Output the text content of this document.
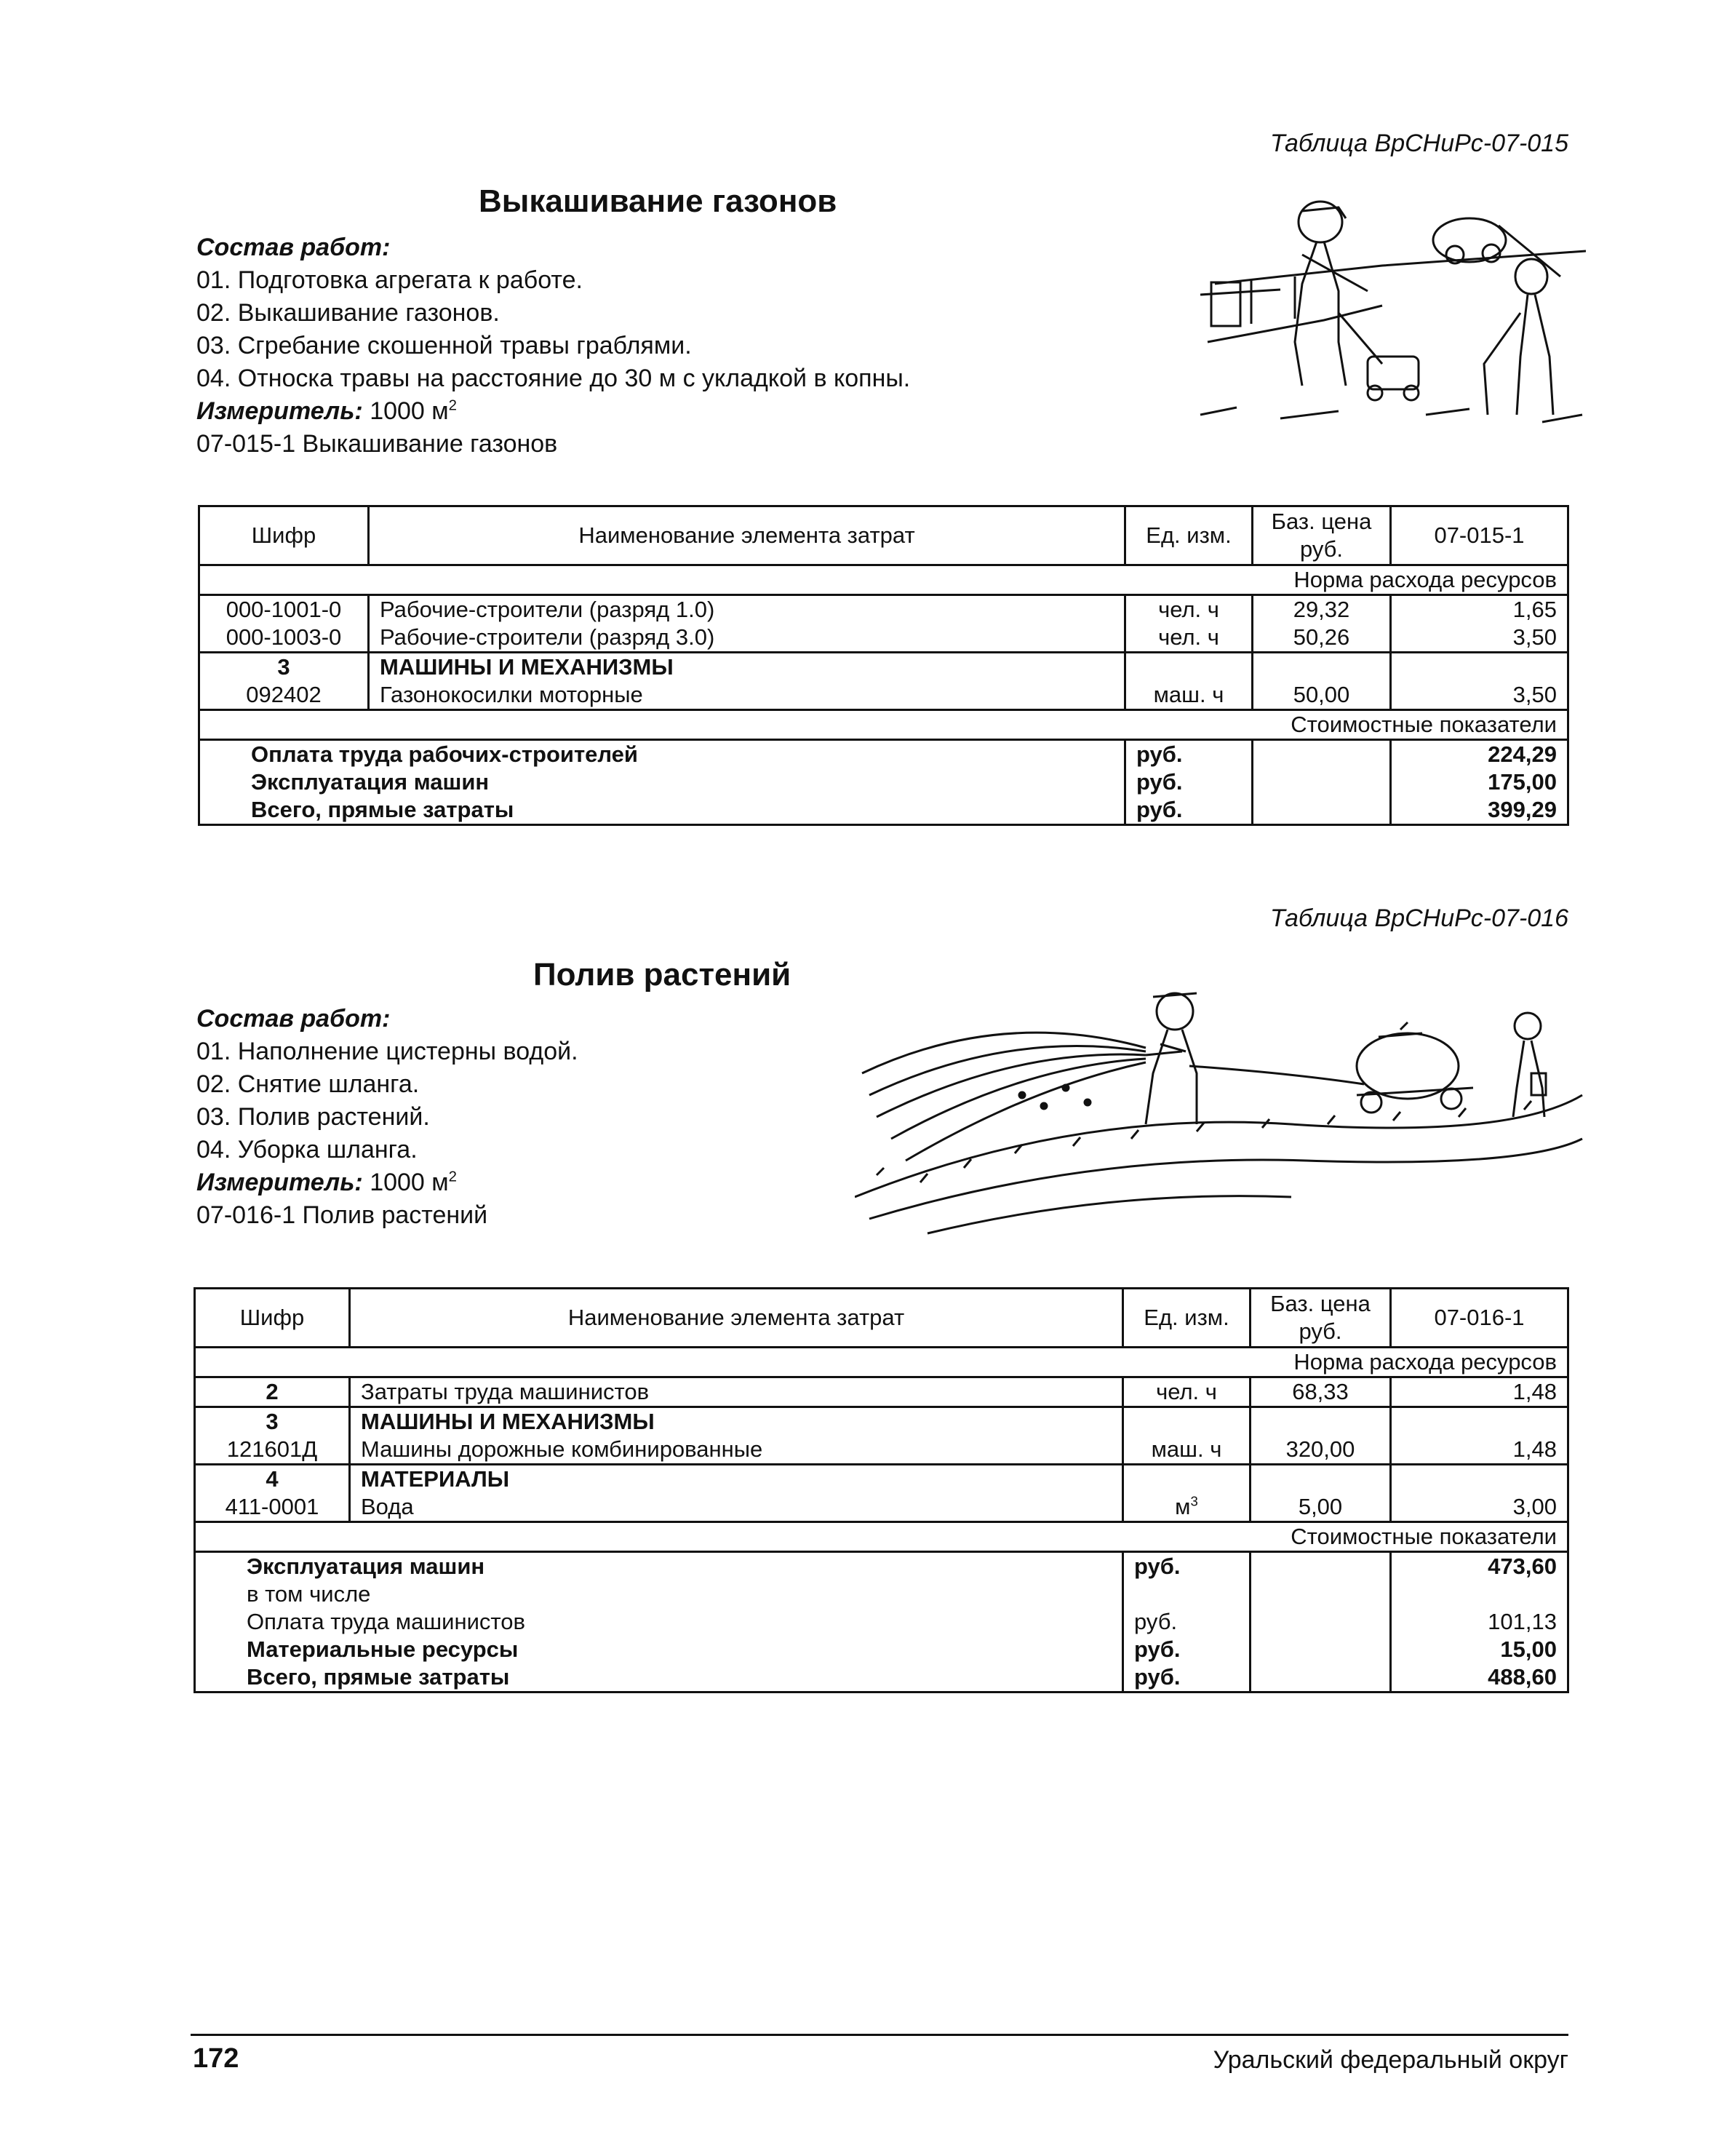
Таблица ВрСНиРс-07-015
Выкашивание газонов
Состав работ:
01. Подготовка агрегата к работе.
02. Выкашивание газонов.
03. Сгребание скошенной травы граблями.
04. Относка травы на расстояние до 30 м с укладкой в копны.
Измеритель: 1000 $м^2$
07-015-1 Выкашивание газонов
Шифр	Наименование элемента затрат	Ед. изм.	Баз. цена руб.	07-015-1
			Норма расхода ресурсов	
000-1001-0	Рабочие-строители (разряд 1.0)	чел. ч	29,32	1,65
000-1003-0	Рабочие-строители (разряд 3.0)	чел. ч	50,26	3,50
3	МАШИНЫ И МЕХАНИЗМЫ			
092402	Газонокосилки моторные	маш. ч	50,00	3,50
			Стоимостные показатели	
Оплата труда рабочих-строителей		руб.		224,29
Эксплуатация машин		руб.		175,00
Всего, прямые затраты		руб.		399,29
Таблица ВрСНиРс-07-016
Полив растений
Состав работ:
01. Наполнение цистерны водой.
02. Снятие шланга.
03. Полив растений.
04. Уборка шланга.
Измеритель: 1000 $м^2$
07-016-1 Полив растений
Шифр	Наименование элемента затрат	Ед. изм.	Баз. цена руб.	07-016-1
			Норма расхода ресурсов	
2	Затраты труда машинистов	чел. ч	68,33	1,48
3	МАШИНЫ И МЕХАНИЗМЫ			
121601Д	Машины дорожные комбинированные	маш. ч	320,00	1,48
4	МАТЕРИАЛЫ			
411-0001	Вода	$м^3$	5,00	3,00
			Стоимостные показатели	
Эксплуатация машин		руб.		473,60
в том числе				
Оплата труда машинистов		руб.		101,13
Материальные ресурсы		руб.		15,00
Всего, прямые затраты		руб.		488,60
172	Уральский федеральный округ
